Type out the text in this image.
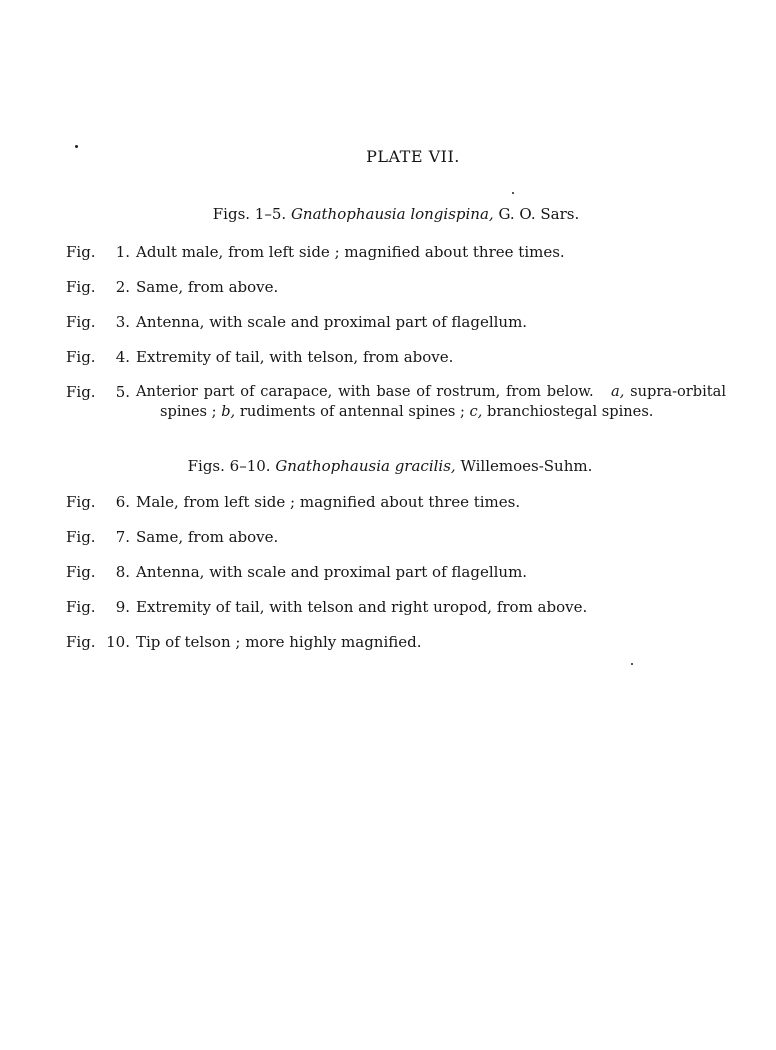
PLATE VII.
Figs. 1–5. Gnathophausia longispina, G. O. Sars.
Fig.	1. Adult male, from left side ; magnified about three times.
Fig.	2. Same, from above.
Fig.	3. Antenna, with scale and proximal part of flagellum.
Fig.	4. Extremity of tail, with telson, from above.
Fig.	5. Anterior part of carapace, with base of rostrum, from below. a, supra-orbital
spines ; b, rudiments of antennal spines ; c, branchiostegal spines.
Figs. 6–10. Gnathophausia gracilis, Willemoes-Suhm.
Fig.	6. Male, from left side ; magnified about three times.
Fig.	7. Same, from above.
Fig.	8. Antenna, with scale and proximal part of flagellum.
Fig.	9. Extremity of tail, with telson and right uropod, from above.
Fig. 10. Tip of telson ; more highly magnified.
